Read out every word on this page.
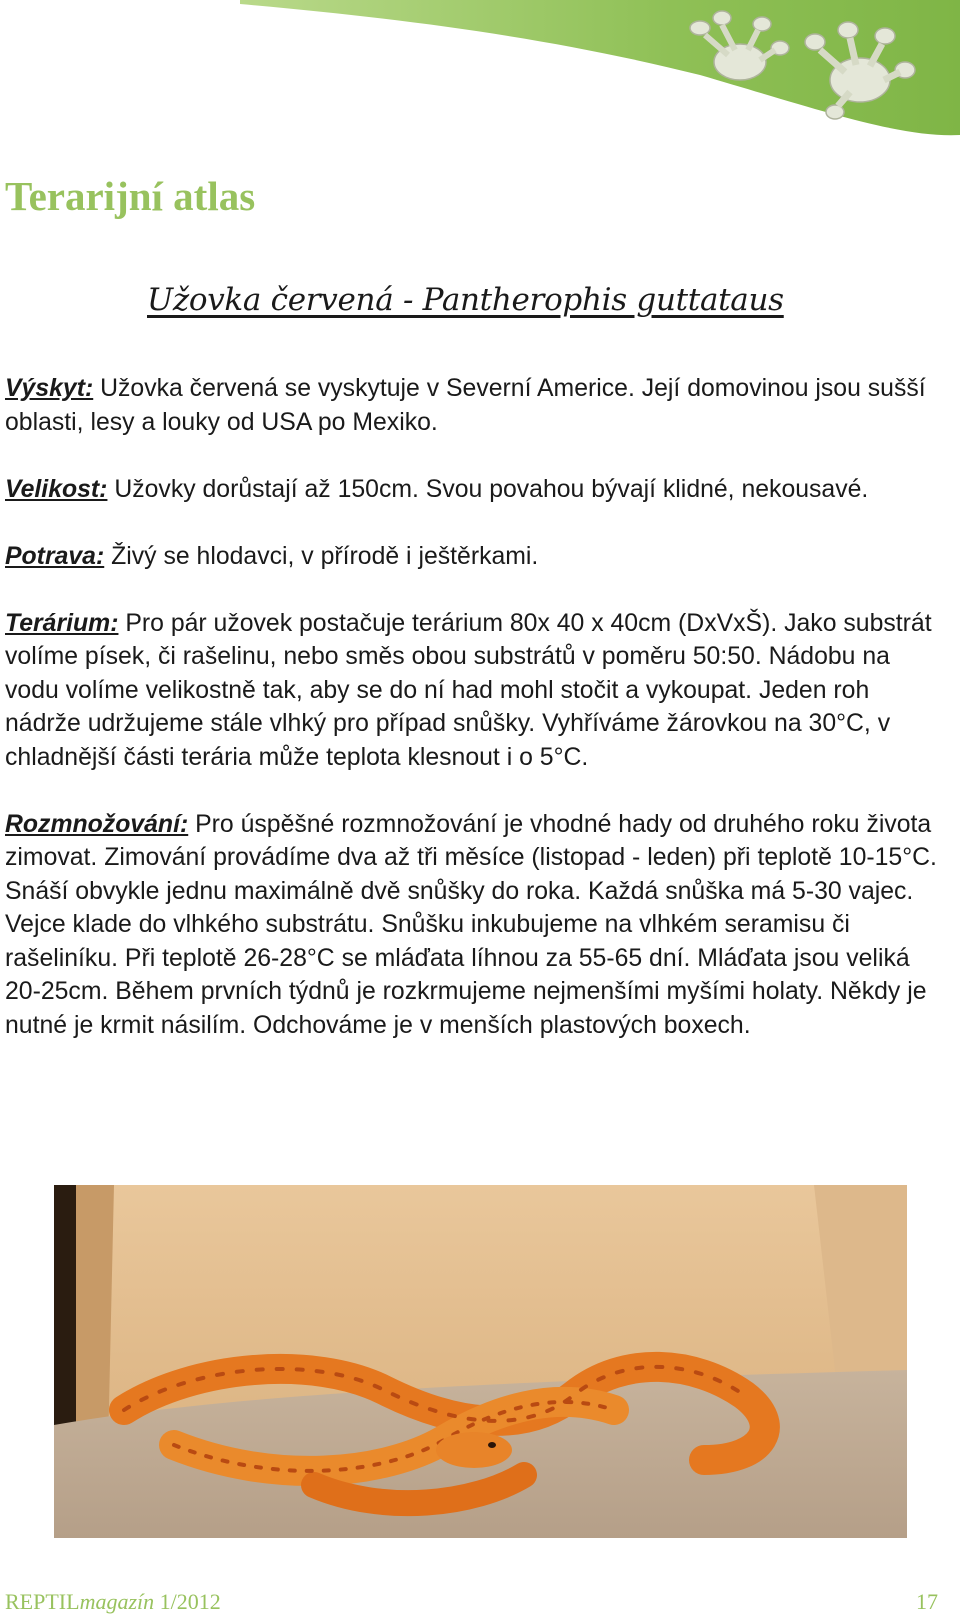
Terarijní atlas
Užovka červená - Pantherophis guttataus

Výskyt: Užovka červená se vyskytuje v Severní Americe. Její domovinou jsou sušší oblasti, lesy a louky od USA po Mexiko.

Velikost: Užovky dorůstají až 150cm. Svou povahou bývají klidné, nekousavé.

Potrava: Živý se hlodavci, v přírodě i ještěrkami.

Terárium: Pro pár užovek postačuje terárium 80x 40 x 40cm (DxVxŠ). Jako substrát volíme písek, či rašelinu, nebo směs obou substrátů v poměru 50:50. Nádobu na vodu volíme velikostně tak, aby se do ní had mohl stočit a vykoupat. Jeden roh nádrže udržujeme stále vlhký pro případ snůšky. Vyhříváme žárovkou na 30°C, v chladnější části terária může teplota klesnout i o 5°C.

Rozmnožování: Pro úspěšné rozmnožování je vhodné hady od druhého roku života zimovat. Zimování provádíme dva až tři měsíce (listopad - leden) při teplotě 10-15°C. Snáší obvykle jednu maximálně dvě snůšky do roka. Každá snůška má 5-30 vajec. Vejce klade do vlhkého substrátu. Snůšku inkubujeme na vlhkém seramisu či rašeliníku. Při teplotě 26-28°C se mláďata líhnou za 55-65 dní. Mláďata jsou veliká 20-25cm. Během prvních týdnů je rozkrmujeme nejmenšími myšími holaty. Někdy je nutné je krmit násilím. Odchováme je v menších plastových boxech.

REPTILmagazín 1/2012	17
